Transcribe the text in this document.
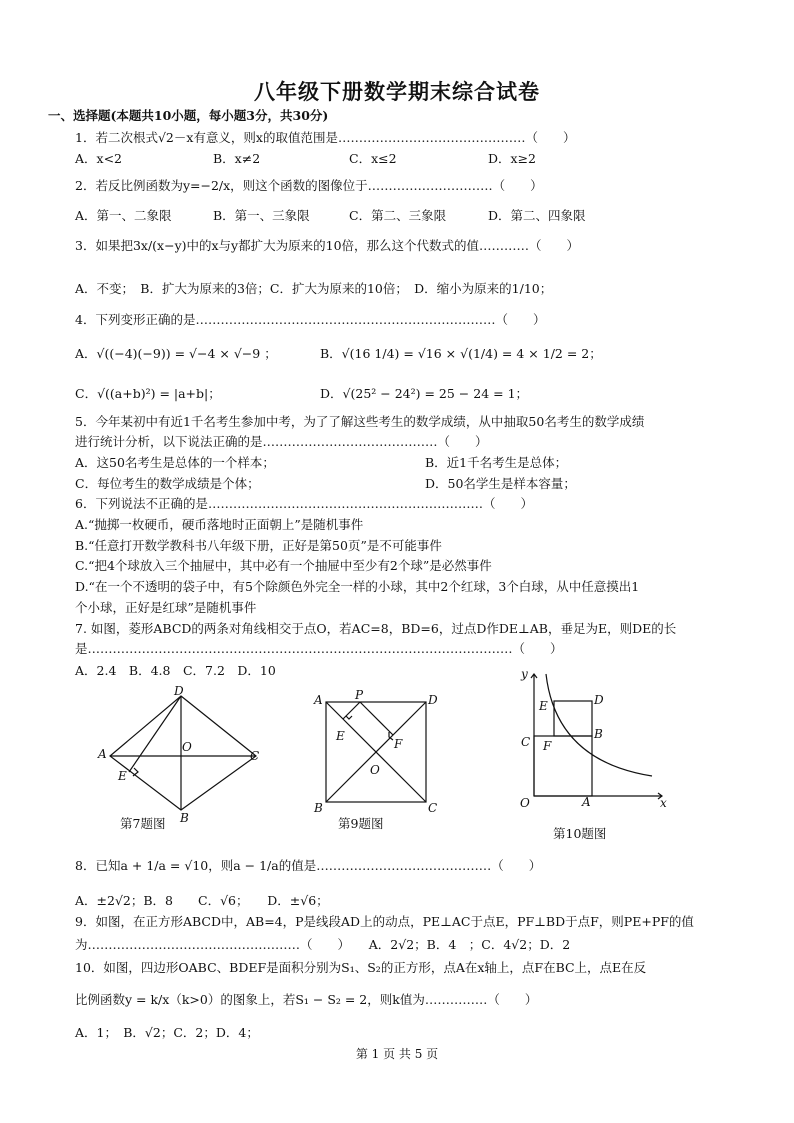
八年级下册数学期末综合试卷
一、选择题(本题共10小题，每小题3分，共30分)
1．若二次根式√2－x有意义，则x的取值范围是………………………………………（　　）
A．x<2	B．x≠2	C．x≤2	D．x≥2
2．若反比例函数为y=−2/x，则这个函数的图像位于…………………………（　　）
A．第一、二象限	B．第一、三象限	C．第二、三象限	D．第二、四象限
3．如果把3x/(x−y)中的x与y都扩大为原来的10倍，那么这个代数式的值…………（　　）
A．不变；　B．扩大为原来的3倍；C．扩大为原来的10倍；　D．缩小为原来的1/10；
4．下列变形正确的是………………………………………………………………（　　）
A．√((−4)(−9)) = √−4 × √−9 ；	B．√(16 1/4) = √16 × √(1/4) = 4 × 1/2 = 2；
C．√((a+b)²) = |a+b|；	D．√(25² − 24²) = 25 − 24 = 1；
5．今年某初中有近1千名考生参加中考，为了了解这些考生的数学成绩，从中抽取50名考生的数学成绩
进行统计分析，以下说法正确的是……………………………………（　　）
A．这50名考生是总体的一个样本；	B．近1千名考生是总体；
C．每位考生的数学成绩是个体；	D．50名学生是样本容量；
6．下列说法不正确的是…………………………………………………………（　　）
A.“抛掷一枚硬币，硬币落地时正面朝上”是随机事件
B.“任意打开数学教科书八年级下册，正好是第50页”是不可能事件
C.“把4个球放入三个抽屉中，其中必有一个抽屉中至少有2个球”是必然事件
D.“在一个不透明的袋子中，有5个除颜色外完全一样的小球，其中2个红球，3个白球，从中任意摸出1
个小球，正好是红球”是随机事件
7. 如图，菱形ABCD的两条对角线相交于点O，若AC=8，BD=6，过点D作DE⊥AB，垂足为E，则DE的长
是…………………………………………………………………………………………（　　）
A．2.4　B．4.8　C．7.2　D．10
D
A	C
O
E
B
第7题图
A	D
P
E
F
O
B	C
第9题图
y
x
O	A
C
B
E	D
F
第10题图
8．已知a + 1/a = √10，则a − 1/a的值是……………………………………（　　）
A．±2√2；B．8　　C．√6；　　D．±√6；
9．如图，在正方形ABCD中，AB=4，P是线段AD上的动点，PE⊥AC于点E，PF⊥BD于点F，则PE+PF的值
为……………………………………………（　　）　　A．2√2；B．4　；C．4√2；D．2
10．如图，四边形OABC、BDEF是面积分别为S₁、S₂的正方形，点A在x轴上，点F在BC上，点E在反
比例函数y = k/x（k>0）的图象上，若S₁ − S₂ = 2，则k值为……………（　　）
A．1；　B．√2；C．2；D．4；
第 1 页 共 5 页
